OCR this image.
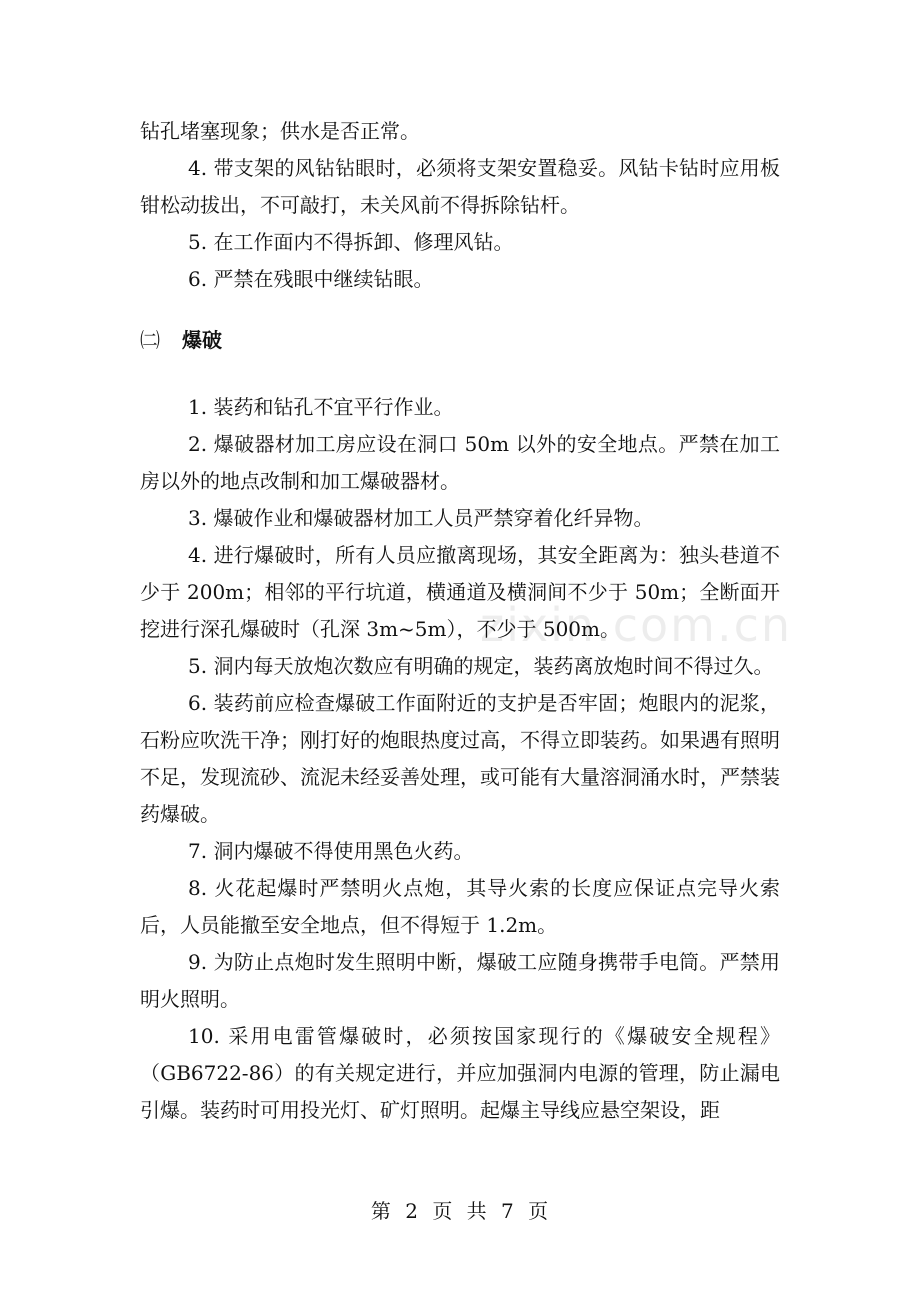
钻孔堵塞现象；供水是否正常。

4. 带支架的风钻钻眼时，必须将支架安置稳妥。风钻卡钻时应用板钳松动拔出，不可敲打，未关风前不得拆除钻杆。

5. 在工作面内不得拆卸、修理风钻。

6. 严禁在残眼中继续钻眼。

㈡ 爆破

1. 装药和钻孔不宜平行作业。

2. 爆破器材加工房应设在洞口 50m 以外的安全地点。严禁在加工房以外的地点改制和加工爆破器材。

3. 爆破作业和爆破器材加工人员严禁穿着化纤异物。

4. 进行爆破时，所有人员应撤离现场，其安全距离为：独头巷道不少于 200m；相邻的平行坑道，横通道及横洞间不少于 50m；全断面开挖进行深孔爆破时（孔深 3m~5m），不少于 500m。

5. 洞内每天放炮次数应有明确的规定，装药离放炮时间不得过久。

6. 装药前应检查爆破工作面附近的支护是否牢固；炮眼内的泥浆，石粉应吹洗干净；刚打好的炮眼热度过高，不得立即装药。如果遇有照明不足，发现流砂、流泥未经妥善处理，或可能有大量溶洞涌水时，严禁装药爆破。

7. 洞内爆破不得使用黑色火药。

8. 火花起爆时严禁明火点炮，其导火索的长度应保证点完导火索后，人员能撤至安全地点，但不得短于 1.2m。

9. 为防止点炮时发生照明中断，爆破工应随身携带手电筒。严禁用明火照明。

10. 采用电雷管爆破时，必须按国家现行的《爆破安全规程》（GB6722-86）的有关规定进行，并应加强洞内电源的管理，防止漏电引爆。装药时可用投光灯、矿灯照明。起爆主导线应悬空架设，距

zixin.com.cn
第 2 页 共 7 页
